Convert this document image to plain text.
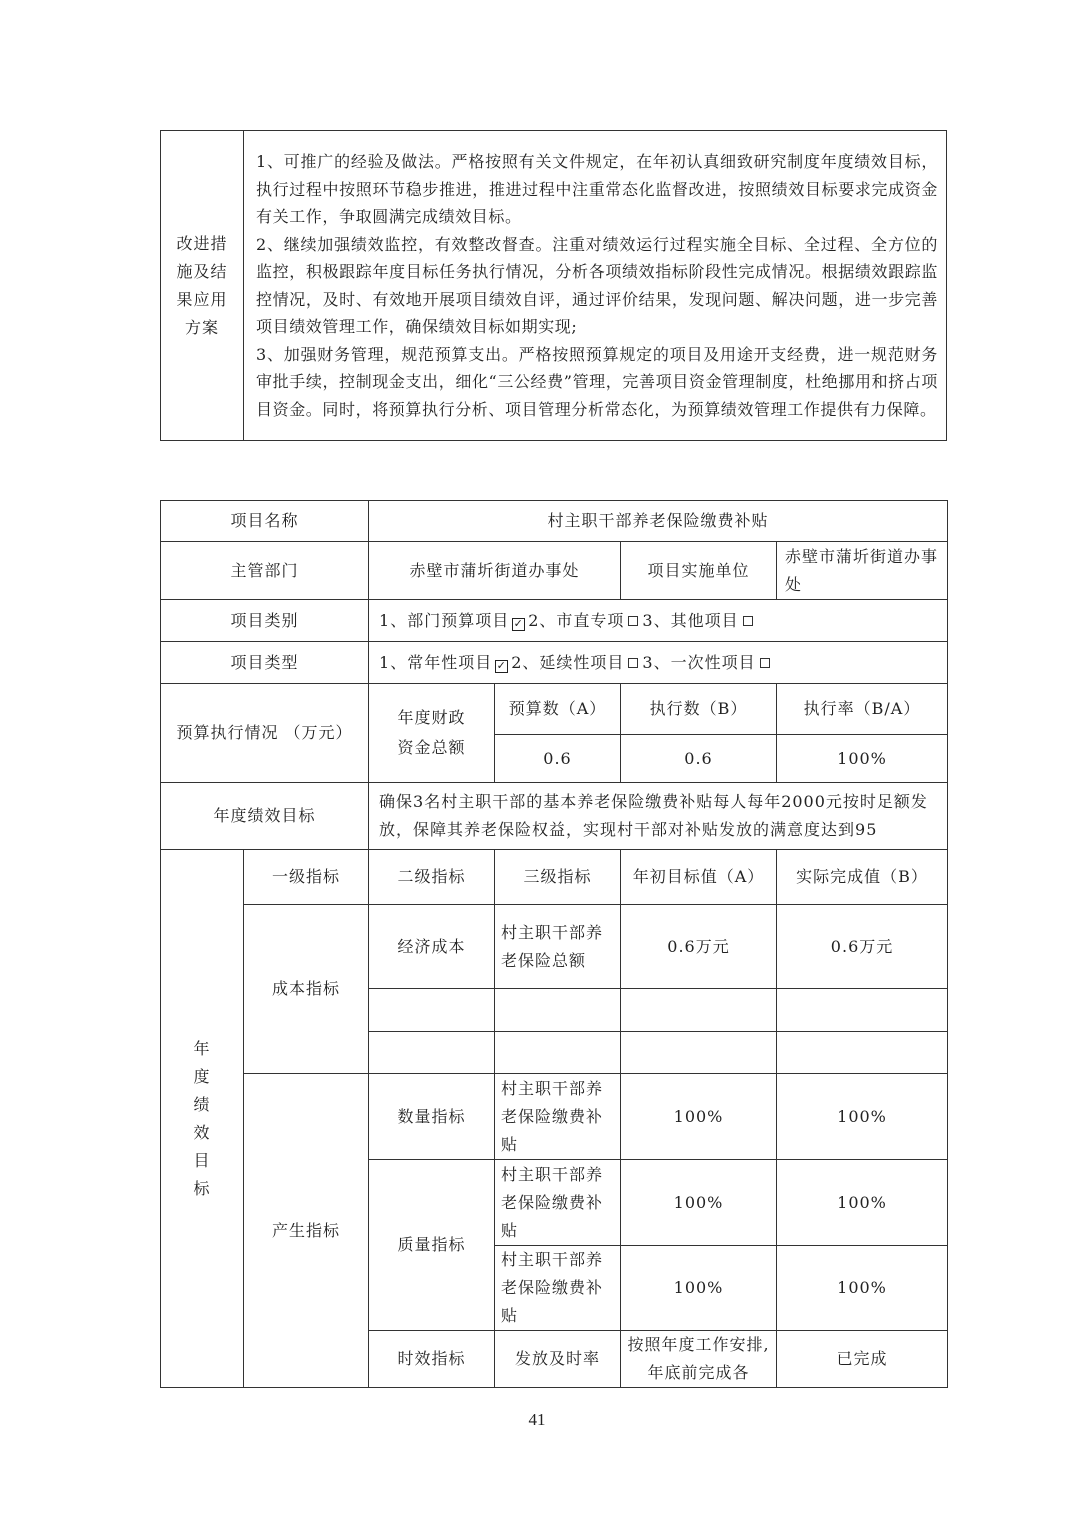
改进措施及结果应用方案

1、可推广的经验及做法。严格按照有关文件规定，在年初认真细致研究制度年度绩效目标，执行过程中按照环节稳步推进，推进过程中注重常态化监督改进，按照绩效目标要求完成资金有关工作，争取圆满完成绩效目标。

2、继续加强绩效监控，有效整改督查。注重对绩效运行过程实施全目标、全过程、全方位的监控，积极跟踪年度目标任务执行情况，分析各项绩效指标阶段性完成情况。根据绩效跟踪监控情况，及时、有效地开展项目绩效自评，通过评价结果，发现问题、解决问题，进一步完善项目绩效管理工作，确保绩效目标如期实现;

3、加强财务管理，规范预算支出。严格按照预算规定的项目及用途开支经费，进一规范财务审批手续，控制现金支出，细化“三公经费”管理，完善项目资金管理制度，杜绝挪用和挤占项目资金。同时，将预算执行分析、项目管理分析常态化，为预算绩效管理工作提供有力保障。

项目名称		村主职干部养老保险缴费补贴			
主管部门		赤壁市蒲圻街道办事处		项目实施单位	赤壁市蒲圻街道办事处
项目类别		1、部门预算项目 ✓ 2、市直专项 3、其他项目			
项目类型		1、常年性项目 ✓ 2、延续性项目 3、一次性项目			
预算执行情况 （万元）		年度财政资金总额	预算数（A）	执行数（B）	执行率（B/A）
			0.6	0.6	100%
年度绩效目标		确保3名村主职干部的基本养老保险缴费补贴每人每年2000元按时足额发放，保障其养老保险权益，实现村干部对补贴发放的满意度达到95			

年度绩效目标	一级指标	二级指标	三级指标	年初目标值（A）	实际完成值（B）
	成本指标	经济成本	村主职干部养老保险总额	0.6万元	0.6万元

	产生指标	数量指标	村主职干部养老保险缴费补贴	100%	100%
		质量指标	村主职干部养老保险缴费补贴	100%	100%
			村主职干部养老保险缴费补贴	100%	100%
		时效指标	发放及时率	按照年度工作安排,年底前完成各	已完成
41
